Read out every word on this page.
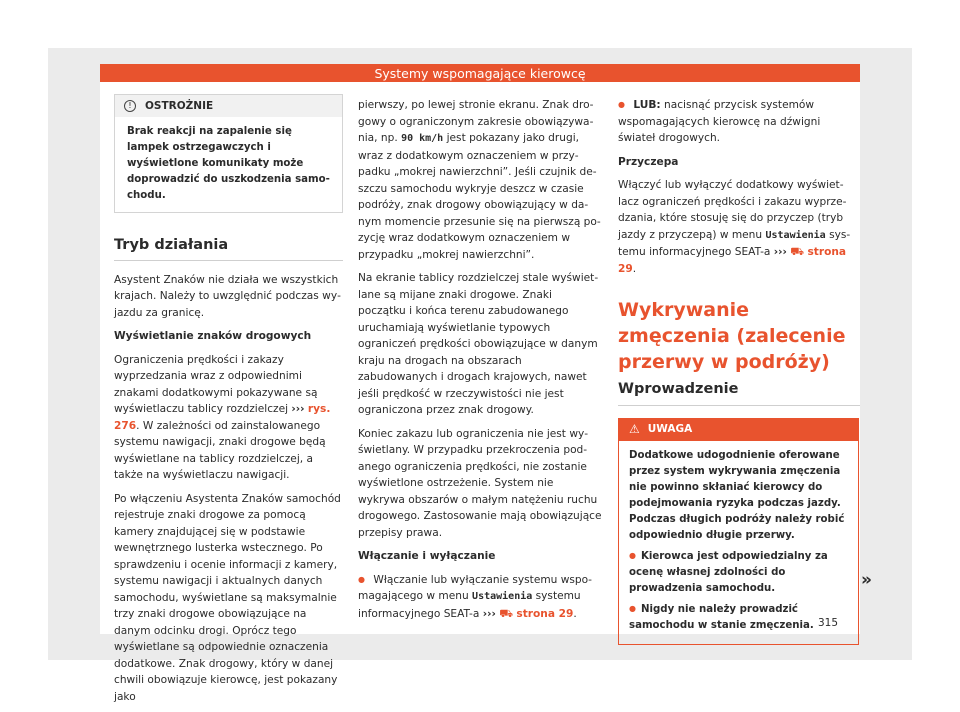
Systemy wspomagające kierowcę
!	OSTROŻNIE
Brak reakcji na zapalenie się lampek ostrzegawczych i wyświetlone komunikaty może doprowadzić do uszkodzenia samochodu.
Tryb działania

Asystent Znaków nie działa we wszystkich krajach. Należy to uwzględnić podczas wyjazdu za granicę.

Wyświetlanie znaków drogowych

Ograniczenia prędkości i zakazy wyprzedzania wraz z odpowiednimi znakami dodatkowymi pokazywane są wyświetlaczu tablicy rozdzielczej ››› rys. 276. W zależności od zainstalowanego systemu nawigacji, znaki drogowe będą wyświetlane na tablicy rozdzielczej, a także na wyświetlaczu nawigacji.

Po włączeniu Asystenta Znaków samochód rejestruje znaki drogowe za pomocą kamery znajdującej się w podstawie wewnętrznego lusterka wstecznego. Po sprawdzeniu i ocenie informacji z kamery, systemu nawigacji i aktualnych danych samochodu, wyświetlane są maksymalnie trzy znaki drogowe obowiązujące na danym odcinku drogi. Oprócz tego wyświetlane są odpowiednie oznaczenia dodatkowe. Znak drogowy, który w danej chwili obowiązuje kierowcę, jest pokazany jako

pierwszy, po lewej stronie ekranu. Znak drogowy o ograniczonym zakresie obowiązywania, np. 90 km/h jest pokazany jako drugi, wraz z dodatkowym oznaczeniem w przypadku „mokrej nawierzchni”. Jeśli czujnik deszczu samochodu wykryje deszcz w czasie podróży, znak drogowy obowiązujący w danym momencie przesunie się na pierwszą pozycję wraz dodatkowym oznaczeniem w przypadku „mokrej nawierzchni”.

Na ekranie tablicy rozdzielczej stale wyświetlane są mijane znaki drogowe. Znaki początku i końca terenu zabudowanego uruchamiają wyświetlanie typowych ograniczeń prędkości obowiązujące w danym kraju na drogach na obszarach zabudowanych i drogach krajowych, nawet jeśli prędkość w rzeczywistości nie jest ograniczona przez znak drogowy.

Koniec zakazu lub ograniczenia nie jest wyświetlany. W przypadku przekroczenia podanego ograniczenia prędkości, nie zostanie wyświetlone ostrzeżenie. System nie wykrywa obszarów o małym natężeniu ruchu drogowego. Zastosowanie mają obowiązujące przepisy prawa.

Włączanie i wyłączanie

● Włączanie lub wyłączanie systemu wspomagającego w menu Ustawienia systemu informacyjnego SEAT-a ››› ⛟ strona 29.

● LUB: nacisnąć przycisk systemów wspomagających kierowcę na dźwigni świateł drogowych.

Przyczepa

Włączyć lub wyłączyć dodatkowy wyświetlacz ograniczeń prędkości i zakazu wyprzedzania, które stosuję się do przyczep (tryb jazdy z przyczepą) w menu Ustawienia systemu informacyjnego SEAT-a ››› ⛟ strona 29.

Wykrywanie zmęczenia (zalecenie przerwy w podróży)
Wprowadzenie
⚠ UWAGA

Dodatkowe udogodnienie oferowane przez system wykrywania zmęczenia nie powinno skłaniać kierowcy do podejmowania ryzyka podczas jazdy. Podczas długich podróży należy robić odpowiednio długie przerwy.

● Kierowca jest odpowiedzialny za ocenę własnej zdolności do prowadzenia samochodu.

● Nigdy nie należy prowadzić samochodu w stanie zmęczenia.

»
315
